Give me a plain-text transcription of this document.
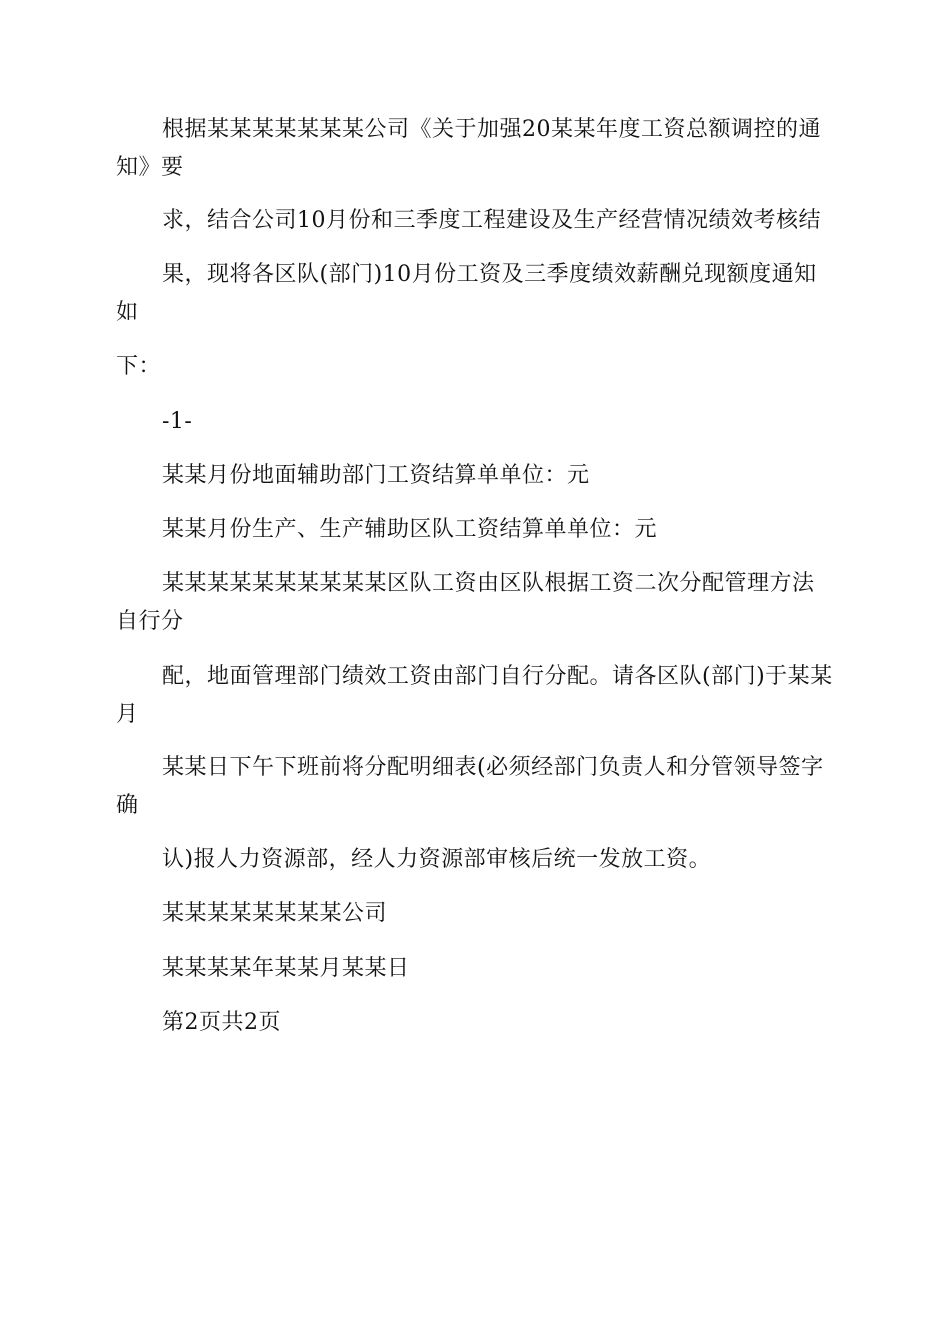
根据某某某某某某某公司《关于加强20某某年度工资总额调控的通
知》要
求，结合公司10月份和三季度工程建设及生产经营情况绩效考核结
果，现将各区队(部门)10月份工资及三季度绩效薪酬兑现额度通知
如
下：
-1-
某某月份地面辅助部门工资结算单单位：元
某某月份生产、生产辅助区队工资结算单单位：元
某某某某某某某某某某区队工资由区队根据工资二次分配管理方法
自行分
配，地面管理部门绩效工资由部门自行分配。请各区队(部门)于某某
月
某某日下午下班前将分配明细表(必须经部门负责人和分管领导签字
确
认)报人力资源部，经人力资源部审核后统一发放工资。
某某某某某某某某公司
某某某某年某某月某某日
第2页共2页
